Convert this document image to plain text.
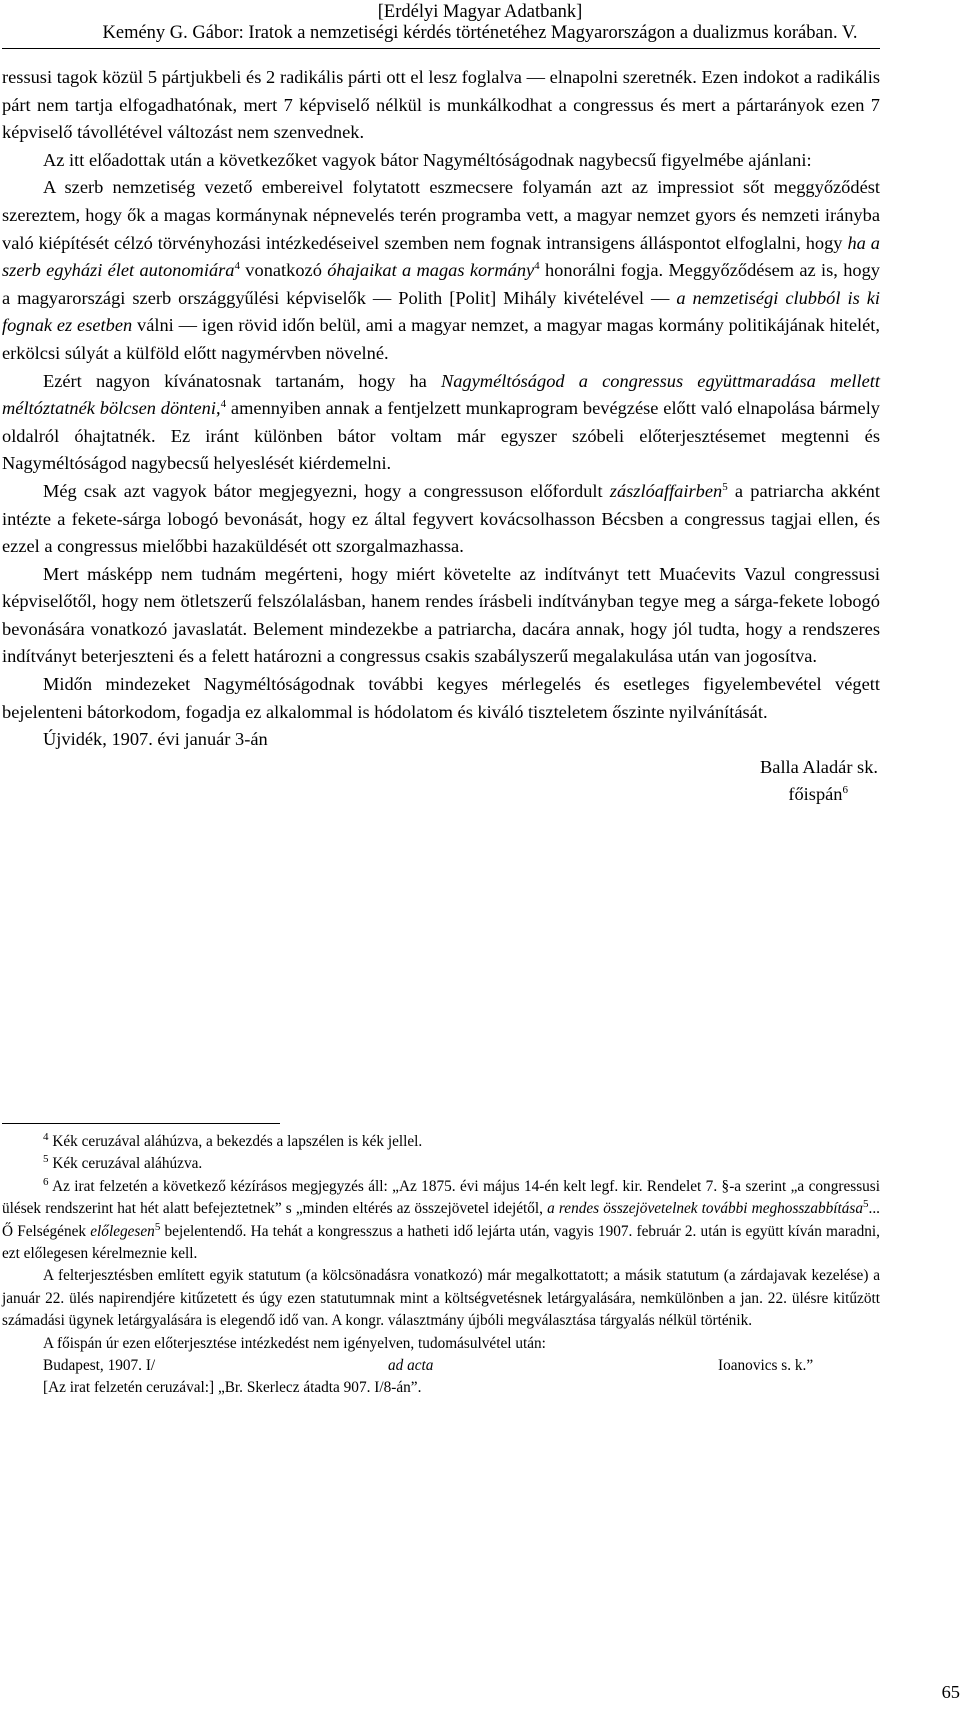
[Erdélyi Magyar Adatbank]
Kemény G. Gábor: Iratok a nemzetiségi kérdés történetéhez Magyarországon a dualizmus korában. V.

ressusi tagok közül 5 pártjukbeli és 2 radikális párti ott el lesz foglalva — elnapolni szeretnék. Ezen indokot a radikális párt nem tartja elfogadhatónak, mert 7 képviselő nélkül is munkálkodhat a congressus és mert a pártarányok ezen 7 képviselő távollétével változást nem szenvednek.

Az itt előadottak után a következőket vagyok bátor Nagyméltóságodnak nagybecsű figyelmébe ajánlani:

A szerb nemzetiség vezető embereivel folytatott eszmecsere folyamán azt az impressiot sőt meggyőződést szereztem, hogy ők a magas kormánynak népnevelés terén programba vett, a magyar nemzet gyors és nemzeti irányba való kiépítését célzó törvényhozási intézkedéseivel szemben nem fognak intransigens álláspontot elfoglalni, hogy ha a szerb egyházi élet autonomiára$^4$ vonatkozó óhajaikat a magas kormány$^4$ honorálni fogja. Meggyőződésem az is, hogy a magyarországi szerb országgyűlési képviselők — Polith [Polit] Mihály kivételével — a nemzetiségi clubból is ki fognak ez esetben válni — igen rövid időn belül, ami a magyar nemzet, a magyar magas kormány politikájának hitelét, erkölcsi súlyát a külföld előtt nagymérvben növelné.

Ezért nagyon kívánatosnak tartanám, hogy ha Nagyméltóságod a congressus együttmaradása mellett méltóztatnék bölcsen dönteni,$^4$ amennyiben annak a fentjelzett munkaprogram bevégzése előtt való elnapolása bármely oldalról óhajtatnék. Ez iránt különben bátor voltam már egyszer szóbeli előterjesztésemet megtenni és Nagyméltóságod nagybecsű helyeslését kiérdemelni.

Még csak azt vagyok bátor megjegyezni, hogy a congressuson előfordult zászlóaffairben$^5$ a patriarcha akként intézte a fekete-sárga lobogó bevonását, hogy ez által fegyvert kovácsolhasson Bécsben a congressus tagjai ellen, és ezzel a congressus mielőbbi hazaküldését ott szorgalmazhassa.

Mert másképp nem tudnám megérteni, hogy miért követelte az indítványt tett Muaćevits Vazul congressusi képviselőtől, hogy nem ötletszerű felszólalásban, hanem rendes írásbeli indítványban tegye meg a sárga-fekete lobogó bevonására vonatkozó javaslatát. Belement mindezekbe a patriarcha, dacára annak, hogy jól tudta, hogy a rendszeres indítványt beterjeszteni és a felett határozni a congressus csakis szabályszerű megalakulása után van jogosítva.

Midőn mindezeket Nagyméltóságodnak további kegyes mérlegelés és esetleges figyelembevétel végett bejelenteni bátorkodom, fogadja ez alkalommal is hódolatom és kiváló tiszteletem őszinte nyilvánítását.

Újvidék, 1907. évi január 3-án

Balla Aladár sk.

főispán$^6$

$^4$ Kék ceruzával aláhúzva, a bekezdés a lapszélen is kék jellel.

$^5$ Kék ceruzával aláhúzva.

$^6$ Az irat felzetén a következő kézírásos megjegyzés áll: „Az 1875. évi május 14-én kelt legf. kir. Rendelet 7. §-a szerint „a congressusi ülések rendszerint hat hét alatt befejeztetnek” s „minden eltérés az összejövetel idejétől, a rendes összejövetelnek további meghosszabbítása$^5$... Ő Felségének előlegesen$^5$ bejelentendő. Ha tehát a kongresszus a hatheti idő lejárta után, vagyis 1907. február 2. után is együtt kíván maradni, ezt előlegesen kérelmeznie kell.

A felterjesztésben említett egyik statutum (a kölcsönadásra vonatkozó) már megalkottatott; a másik statutum (a zárdajavak kezelése) a január 22. ülés napirendjére kitűzetett és úgy ezen statutumnak mint a költségvetésnek letárgyalására, nemkülönben a jan. 22. ülésre kitűzött számadási ügynek letárgyalására is elegendő idő van. A kongr. választmány újbóli megválasztása tárgyalás nélkül történik.

A főispán úr ezen előterjesztése intézkedést nem igényelven, tudomásulvétel után:

Budapest, 1907. I/	ad acta	Ioanovics s. k.”

[Az irat felzetén ceruzával:] „Br. Skerlecz átadta 907. I/8-án”.

65
